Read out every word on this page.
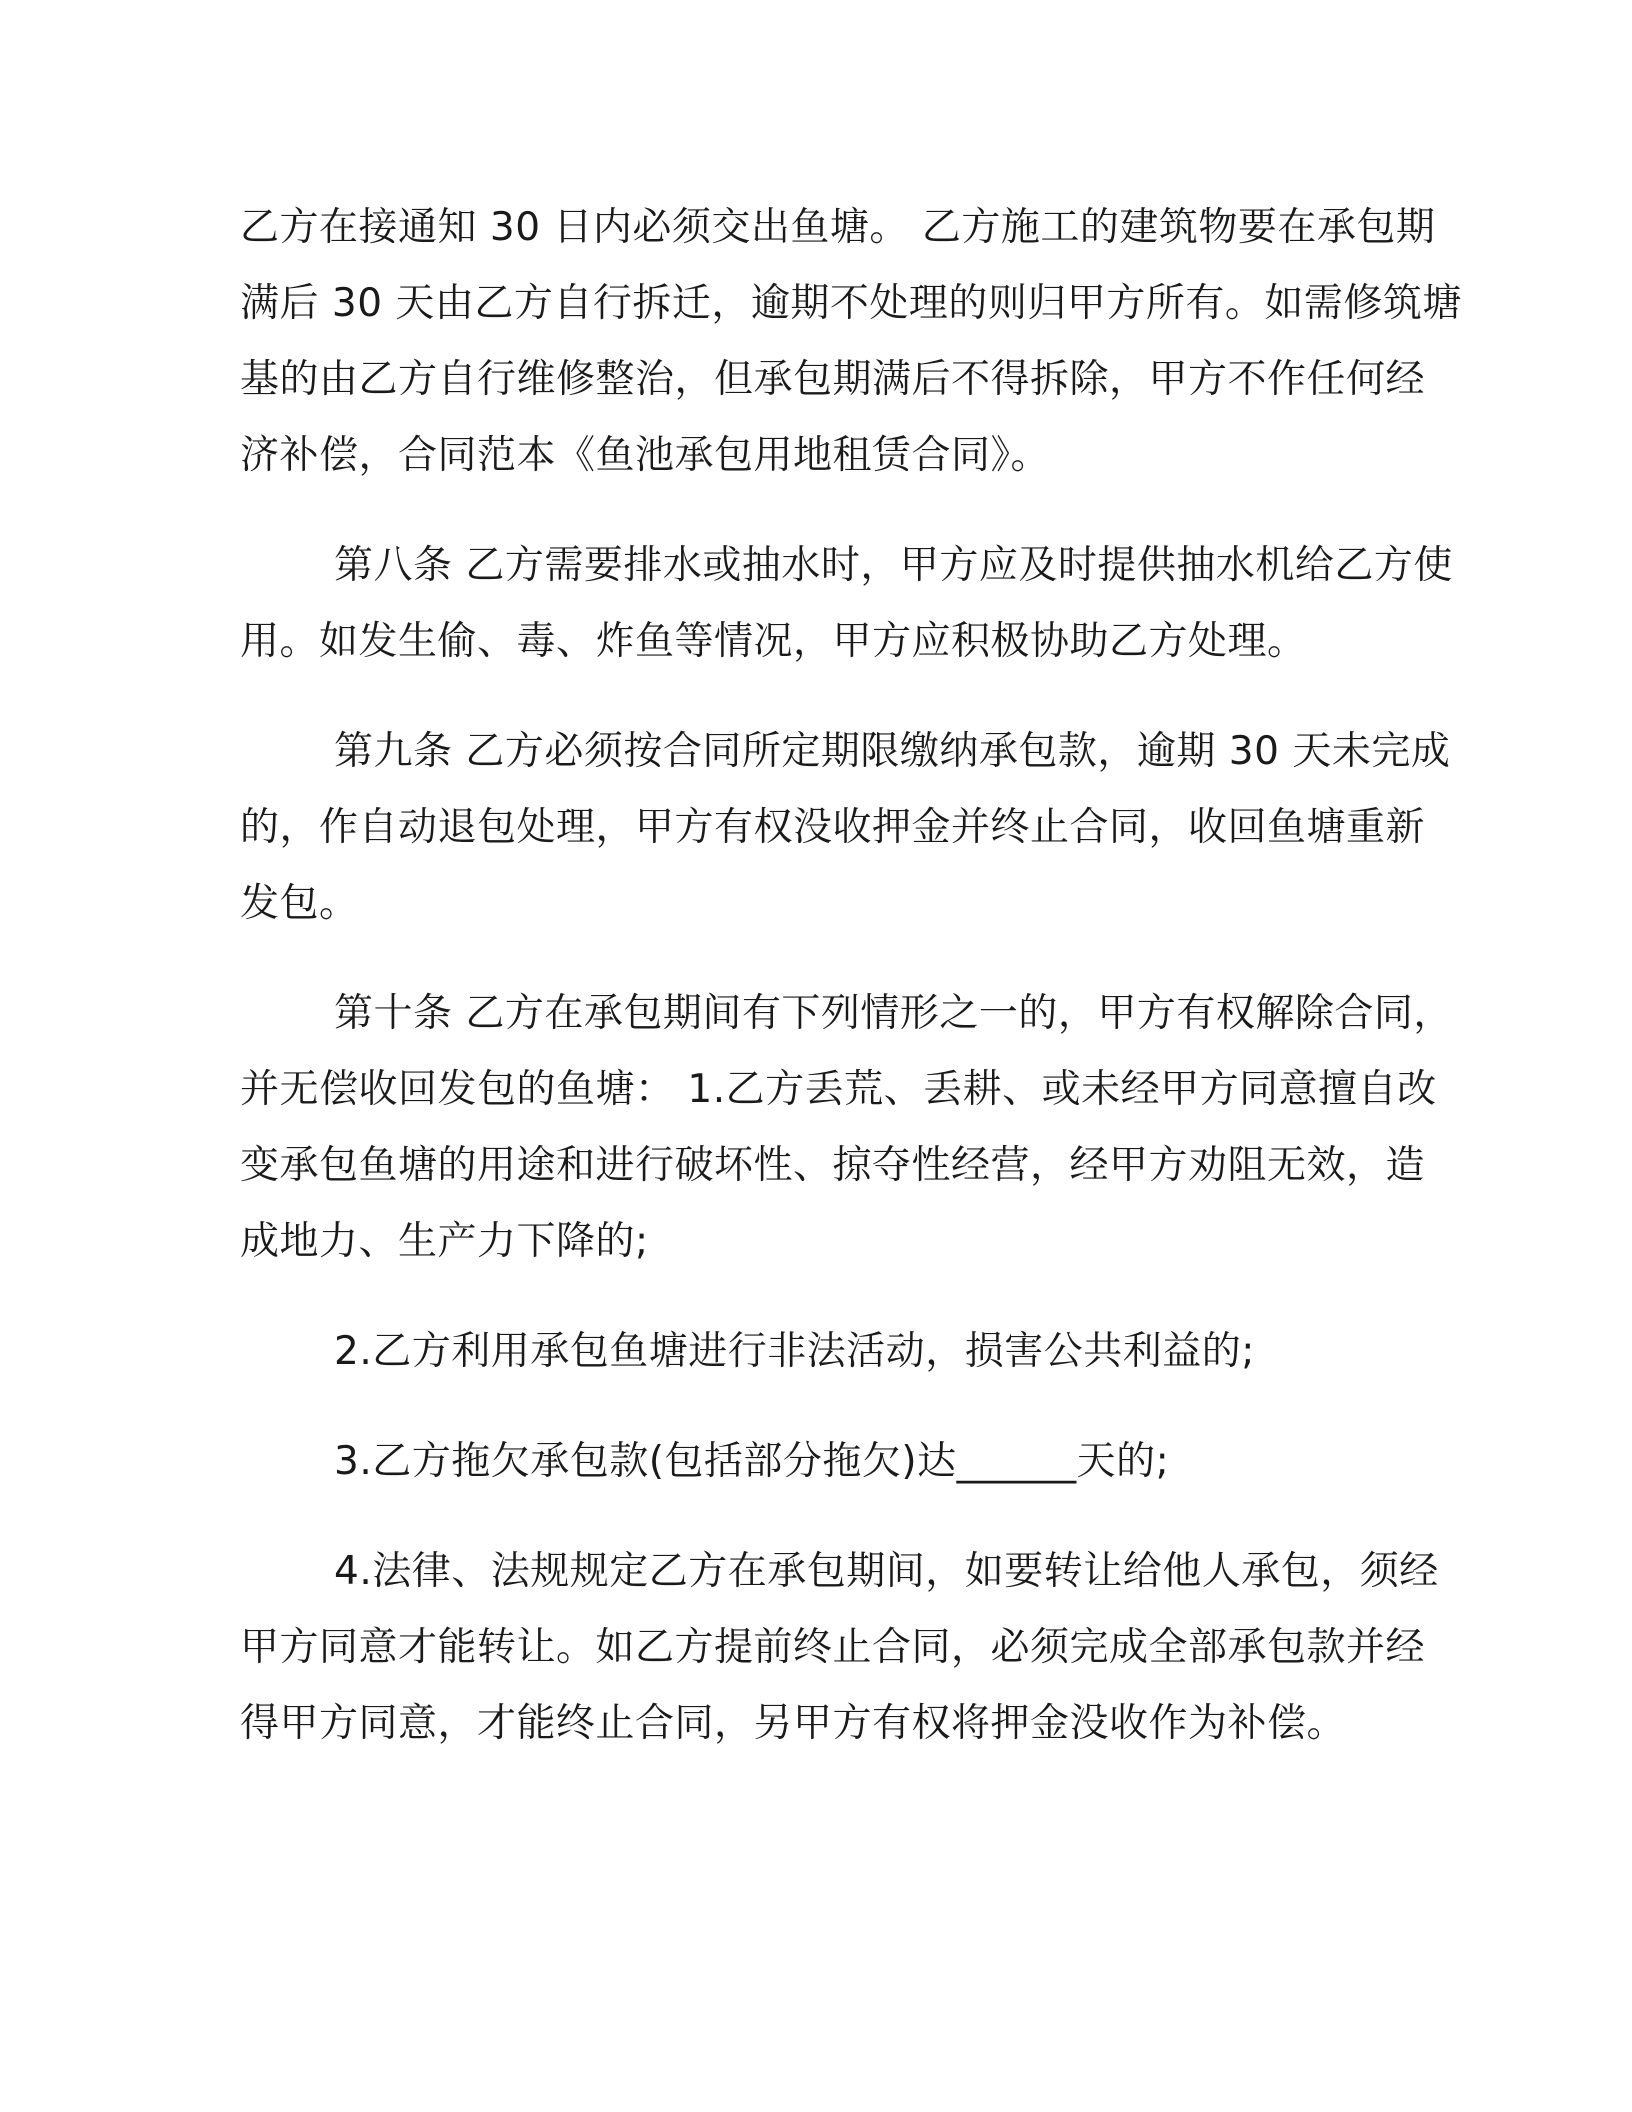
乙方在接通知 30 日内必须交出鱼塘。 乙方施工的建筑物要在承包期
满后 30 天由乙方自行拆迁，逾期不处理的则归甲方所有。如需修筑塘
基的由乙方自行维修整治，但承包期满后不得拆除，甲方不作任何经
济补偿，合同范本《鱼池承包用地租赁合同》。
第八条 乙方需要排水或抽水时，甲方应及时提供抽水机给乙方使
用。如发生偷、毒、炸鱼等情况，甲方应积极协助乙方处理。
第九条 乙方必须按合同所定期限缴纳承包款，逾期 30 天未完成
的，作自动退包处理，甲方有权没收押金并终止合同，收回鱼塘重新
发包。
第十条 乙方在承包期间有下列情形之一的，甲方有权解除合同，
并无偿收回发包的鱼塘： 1.乙方丢荒、丢耕、或未经甲方同意擅自改
变承包鱼塘的用途和进行破坏性、掠夺性经营，经甲方劝阻无效，造
成地力、生产力下降的;
2.乙方利用承包鱼塘进行非法活动，损害公共利益的;
3.乙方拖欠承包款(包括部分拖欠)达______天的;
4.法律、法规规定乙方在承包期间，如要转让给他人承包，须经
甲方同意才能转让。如乙方提前终止合同，必须完成全部承包款并经
得甲方同意，才能终止合同，另甲方有权将押金没收作为补偿。
